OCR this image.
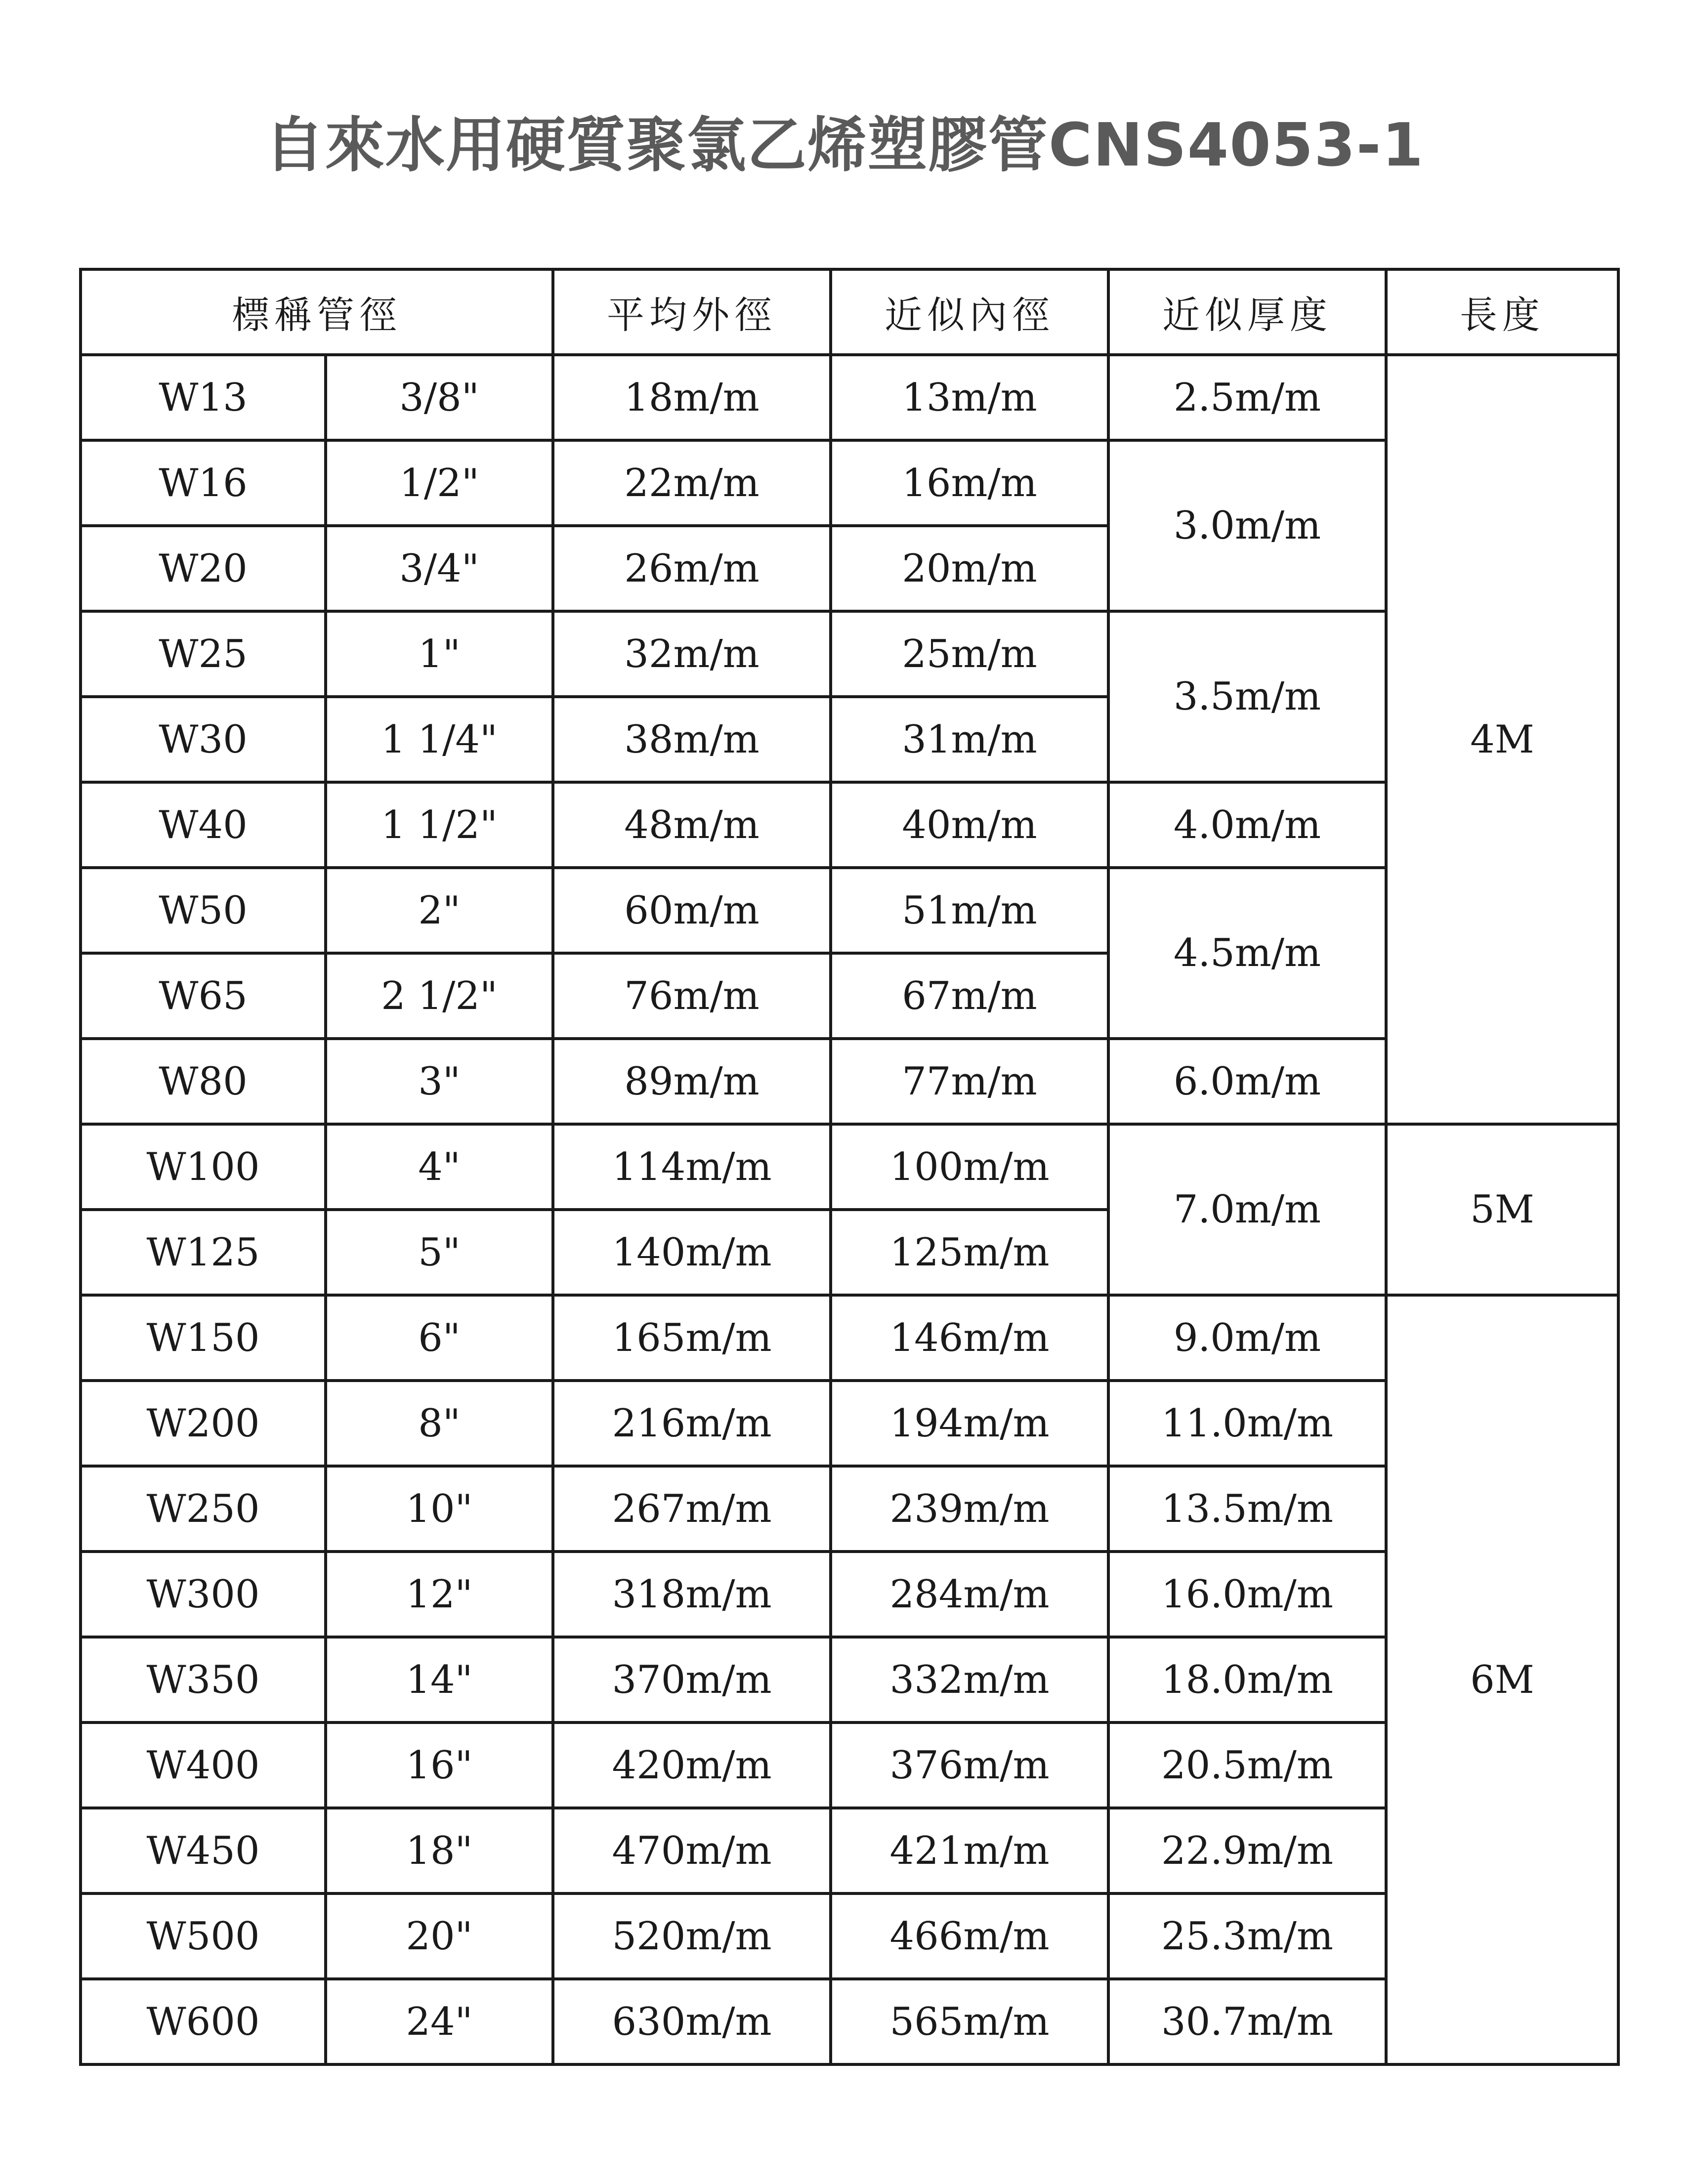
自來水用硬質聚氯乙烯塑膠管CNS4053-1
標稱管徑		平均外徑	近似內徑	近似厚度	長度
W13	3/8"	18m/m	13m/m	2.5m/m	4M
W16	1/2"	22m/m	16m/m	3.0m/m	
W20	3/4"	26m/m	20m/m		
W25	1"	32m/m	25m/m	3.5m/m	
W30	1 1/4"	38m/m	31m/m		
W40	1 1/2"	48m/m	40m/m	4.0m/m	
W50	2"	60m/m	51m/m	4.5m/m	
W65	2 1/2"	76m/m	67m/m		
W80	3"	89m/m	77m/m	6.0m/m	
W100	4"	114m/m	100m/m	7.0m/m	5M
W125	5"	140m/m	125m/m		
W150	6"	165m/m	146m/m	9.0m/m	6M
W200	8"	216m/m	194m/m	11.0m/m	
W250	10"	267m/m	239m/m	13.5m/m	
W300	12"	318m/m	284m/m	16.0m/m	
W350	14"	370m/m	332m/m	18.0m/m	
W400	16"	420m/m	376m/m	20.5m/m	
W450	18"	470m/m	421m/m	22.9m/m	
W500	20"	520m/m	466m/m	25.3m/m	
W600	24"	630m/m	565m/m	30.7m/m	
